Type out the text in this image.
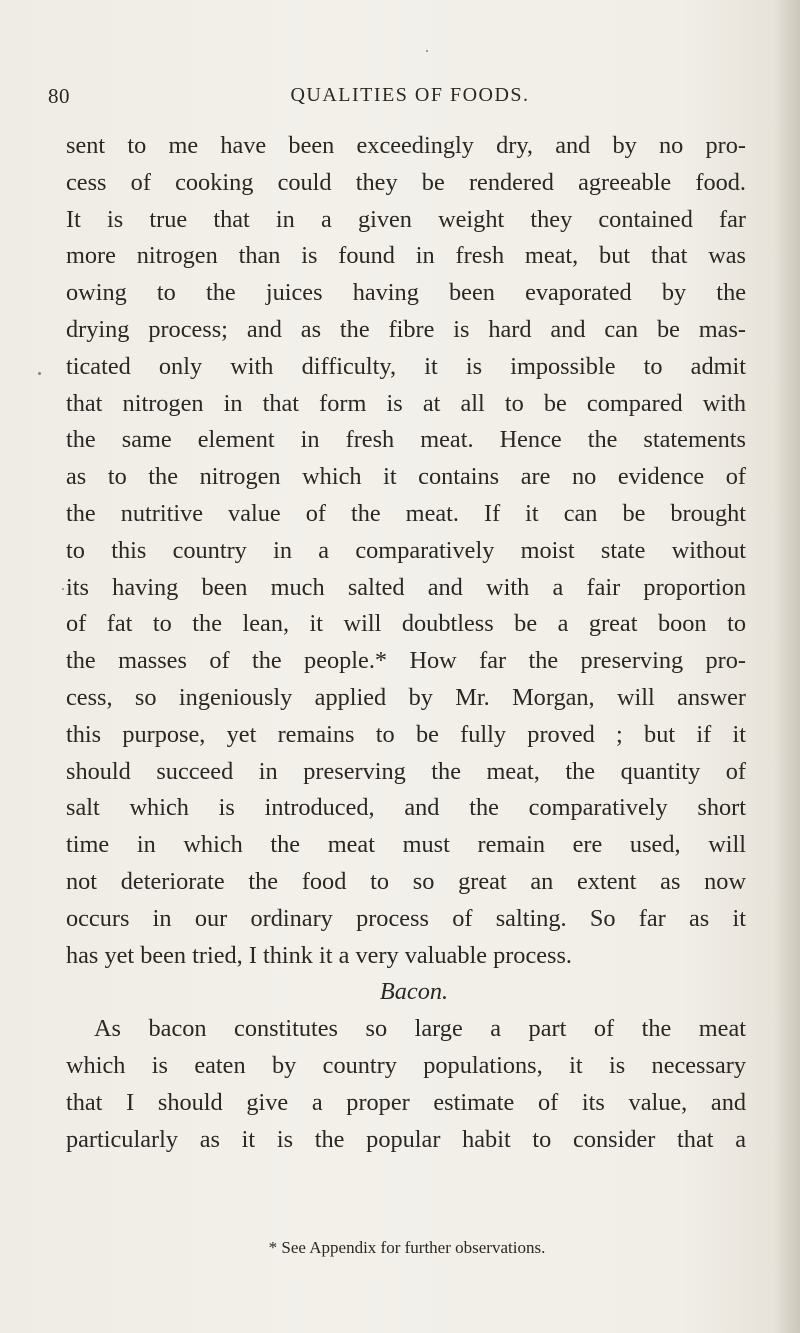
80	QUALITIES OF FOODS.
sent to me have been exceedingly dry, and by no pro-
cess of cooking could they be rendered agreeable food.
It is true that in a given weight they contained far
more nitrogen than is found in fresh meat, but that was
owing to the juices having been evaporated by the
drying process; and as the fibre is hard and can be mas-
ticated only with difficulty, it is impossible to admit
that nitrogen in that form is at all to be compared with
the same element in fresh meat. Hence the statements
as to the nitrogen which it contains are no evidence of
the nutritive value of the meat. If it can be brought
to this country in a comparatively moist state without
its having been much salted and with a fair proportion
of fat to the lean, it will doubtless be a great boon to
the masses of the people.* How far the preserving pro-
cess, so ingeniously applied by Mr. Morgan, will answer
this purpose, yet remains to be fully proved ; but if it
should succeed in preserving the meat, the quantity of
salt which is introduced, and the comparatively short
time in which the meat must remain ere used, will
not deteriorate the food to so great an extent as now
occurs in our ordinary process of salting. So far as it
has yet been tried, I think it a very valuable process.
Bacon.
As bacon constitutes so large a part of the meat
which is eaten by country populations, it is necessary
that I should give a proper estimate of its value, and
particularly as it is the popular habit to consider that a
* See Appendix for further observations.
